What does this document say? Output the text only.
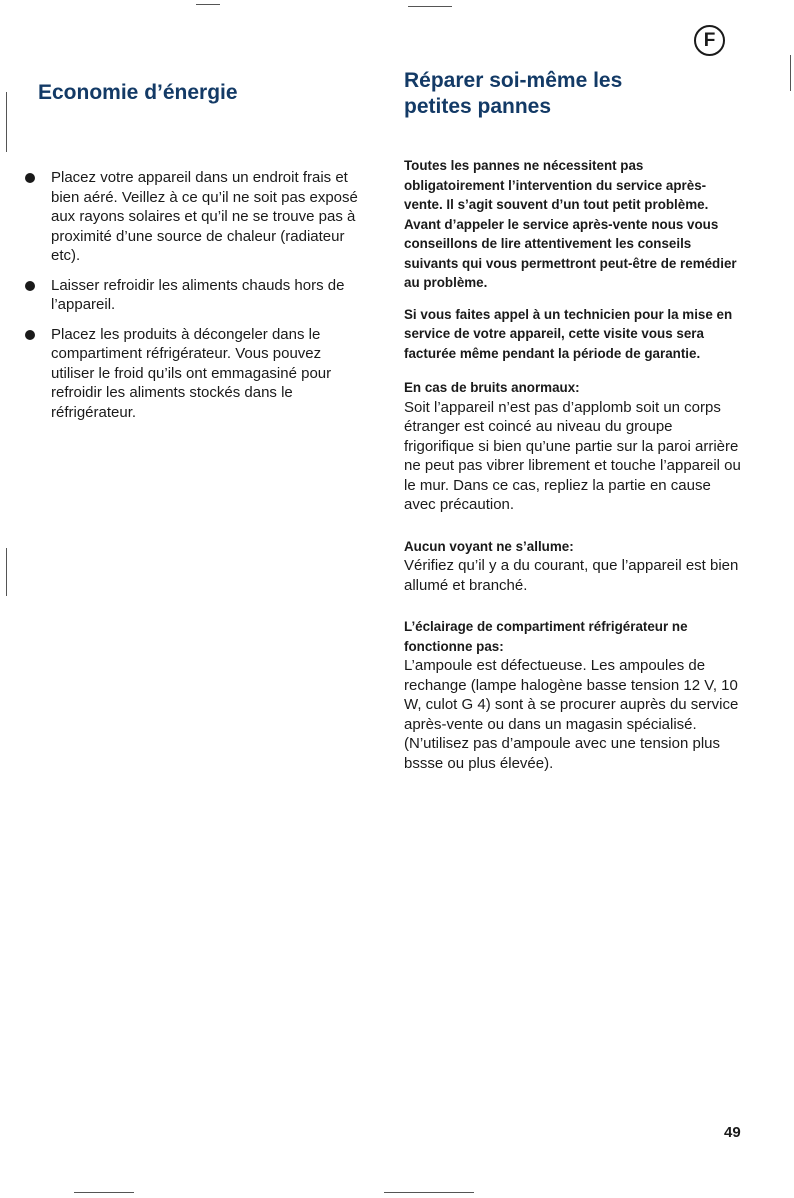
F
Economie d’énergie
Placez votre appareil dans un endroit frais et bien aéré. Veillez à ce qu’il ne soit pas exposé aux rayons solaires et qu’il ne se trouve pas à proximité d’une source de chaleur (radiateur etc).
Laisser refroidir les aliments chauds hors de l’appareil.
Placez les produits à décongeler dans le compartiment réfrigérateur. Vous pouvez utiliser le froid qu’ils ont emmagasiné pour refroidir les aliments stockés dans le réfrigérateur.
Réparer soi-même les
petites pannes

Toutes les pannes ne nécessitent pas obligatoirement l’intervention du service après-vente. Il s’agit souvent d’un tout petit problème. Avant d’appeler le service après-vente nous vous conseillons de lire attentivement les conseils suivants qui vous permettront peut-être de remédier au problème.

Si vous faites appel à un technicien pour la mise en service de votre appareil, cette visite vous sera facturée même pendant la période de garantie.

En cas de bruits anormaux:

Soit l’appareil n’est pas d’applomb soit un corps étranger est coincé au niveau du groupe frigorifique si bien qu’une partie sur la paroi arrière ne peut pas vibrer librement et touche l’appareil ou le mur. Dans ce cas, repliez la partie en cause avec précaution.

Aucun voyant ne s’allume:

Vérifiez qu’il y a du courant, que l’appareil est bien allumé et branché.

L’éclairage de compartiment réfrigérateur ne fonctionne pas:

L’ampoule est défectueuse. Les ampoules de rechange (lampe halogène basse tension 12 V, 10 W, culot G 4) sont à se procurer auprès du service après-vente ou dans un magasin spécialisé. (N’utilisez pas d’ampoule avec une tension plus bssse ou plus élevée).

49
